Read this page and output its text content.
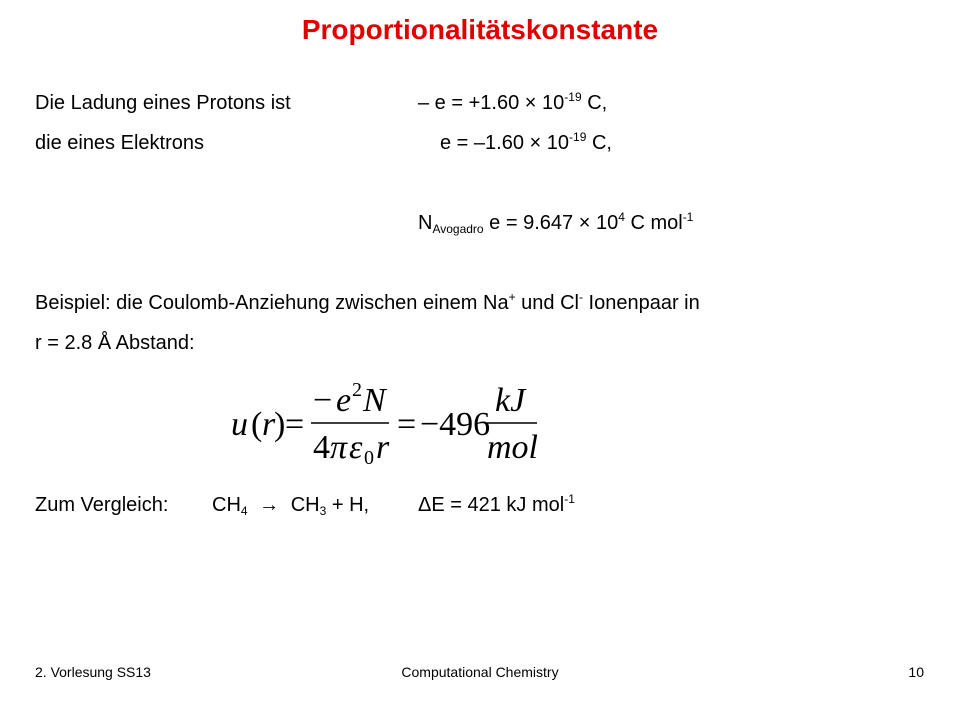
Proportionalitätskonstante
Die Ladung eines Protons ist	– $e = +1.60 \times 10^{-19}$ C,
die eines Elektrons	$e = -1.60 \times 10^{-19}$ C,
$N_{Avogadro}$ $e = 9.647 \times 10^4$ C mol$^{-1}$
Beispiel: die Coulomb-Anziehung zwischen einem Na+ und Cl- Ionenpaar in
r = 2.8 Å Abstand:
u ( r
) =
− e 2 N
4 π ε 0 r
= −496
kJ
mol
Zum Vergleich: $CH_4 \to CH_3 + H$, ΔE = 421 kJ mol$^{-1}$
2. Vorlesung SS13	Computational Chemistry	10
